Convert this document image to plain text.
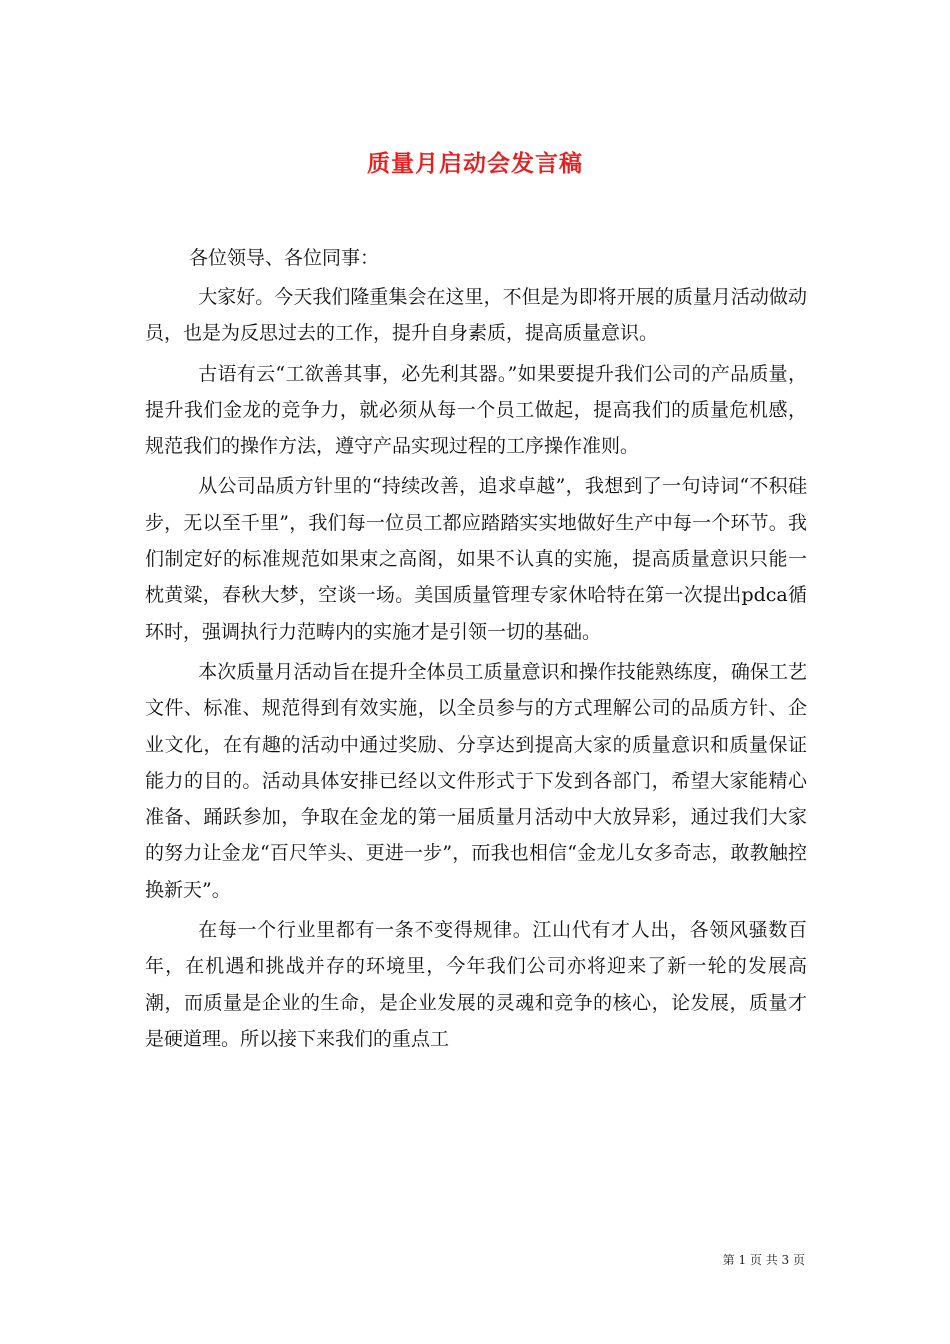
质量月启动会发言稿

各位领导、各位同事：

大家好。今天我们隆重集会在这里，不但是为即将开展的质量月活动做动员，也是为反思过去的工作，提升自身素质，提高质量意识。

古语有云“工欲善其事，必先利其器。”如果要提升我们公司的产品质量，提升我们金龙的竞争力，就必须从每一个员工做起，提高我们的质量危机感，规范我们的操作方法，遵守产品实现过程的工序操作准则。

从公司品质方针里的“持续改善，追求卓越”，我想到了一句诗词“不积硅步，无以至千里”，我们每一位员工都应踏踏实实地做好生产中每一个环节。我们制定好的标准规范如果束之高阁，如果不认真的实施，提高质量意识只能一枕黄粱，春秋大梦，空谈一场。美国质量管理专家休哈特在第一次提出pdca循环时，强调执行力范畴内的实施才是引领一切的基础。

本次质量月活动旨在提升全体员工质量意识和操作技能熟练度，确保工艺文件、标准、规范得到有效实施，以全员参与的方式理解公司的品质方针、企业文化，在有趣的活动中通过奖励、分享达到提高大家的质量意识和质量保证能力的目的。活动具体安排已经以文件形式于下发到各部门，希望大家能精心准备、踊跃参加，争取在金龙的第一届质量月活动中大放异彩，通过我们大家的努力让金龙“百尺竿头、更进一步”，而我也相信“金龙儿女多奇志，敢教触控换新天”。

在每一个行业里都有一条不变得规律。江山代有才人出，各领风骚数百年，在机遇和挑战并存的环境里，今年我们公司亦将迎来了新一轮的发展高潮，而质量是企业的生命，是企业发展的灵魂和竞争的核心，论发展，质量才是硬道理。所以接下来我们的重点工

第 1 页 共 3 页
